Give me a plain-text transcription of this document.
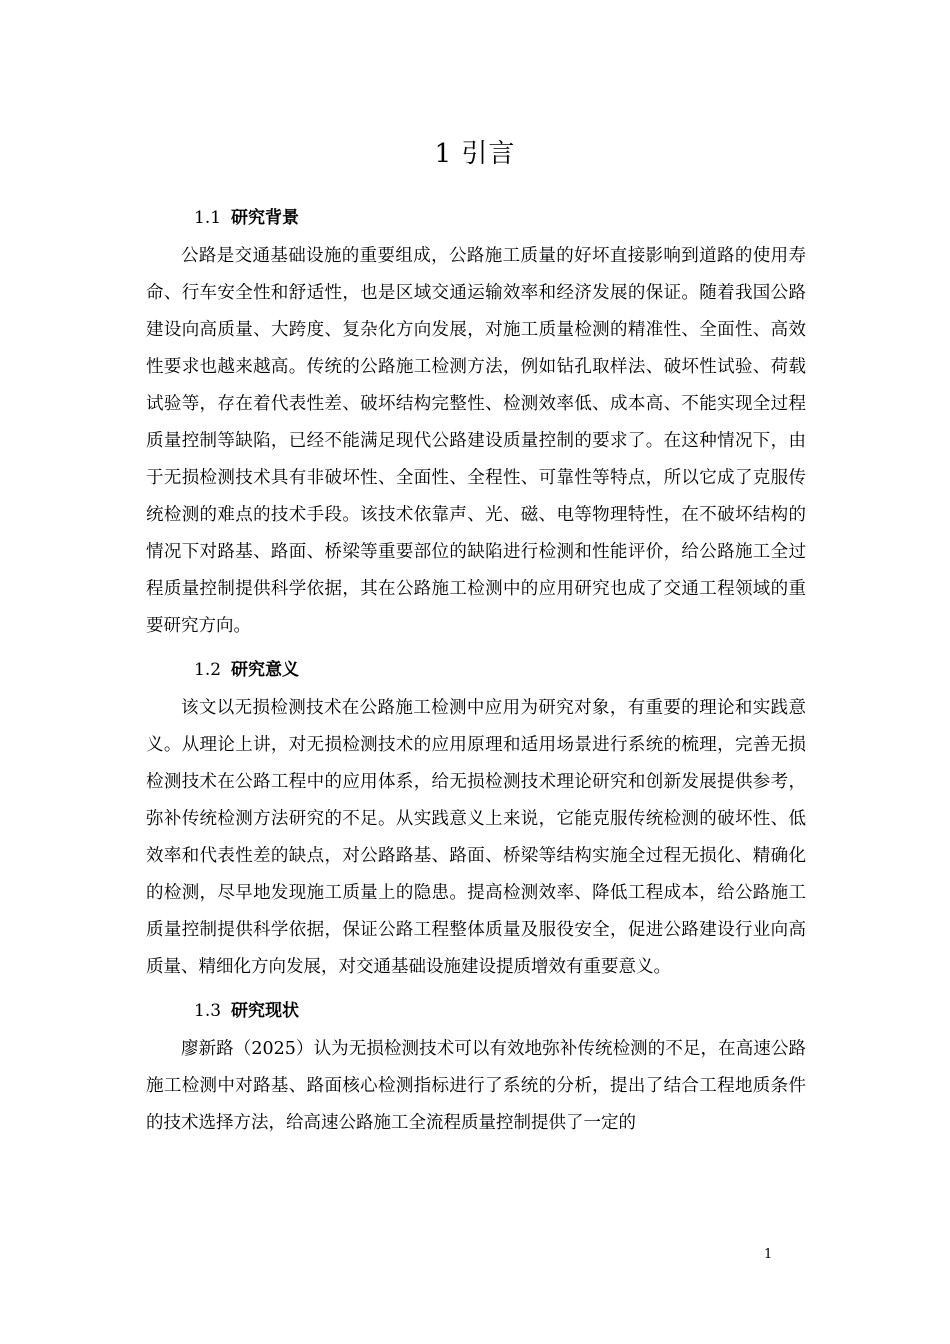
1 引言
1.1 研究背景

公路是交通基础设施的重要组成，公路施工质量的好坏直接影响到道路的使用寿命、行车安全性和舒适性，也是区域交通运输效率和经济发展的保证。随着我国公路建设向高质量、大跨度、复杂化方向发展，对施工质量检测的精准性、全面性、高效性要求也越来越高。传统的公路施工检测方法，例如钻孔取样法、破坏性试验、荷载试验等，存在着代表性差、破坏结构完整性、检测效率低、成本高、不能实现全过程质量控制等缺陷，已经不能满足现代公路建设质量控制的要求了。在这种情况下，由于无损检测技术具有非破坏性、全面性、全程性、可靠性等特点，所以它成了克服传统检测的难点的技术手段。该技术依靠声、光、磁、电等物理特性，在不破坏结构的情况下对路基、路面、桥梁等重要部位的缺陷进行检测和性能评价，给公路施工全过程质量控制提供科学依据，其在公路施工检测中的应用研究也成了交通工程领域的重要研究方向。

1.2 研究意义

该文以无损检测技术在公路施工检测中应用为研究对象，有重要的理论和实践意义。从理论上讲，对无损检测技术的应用原理和适用场景进行系统的梳理，完善无损检测技术在公路工程中的应用体系，给无损检测技术理论研究和创新发展提供参考，弥补传统检测方法研究的不足。从实践意义上来说，它能克服传统检测的破坏性、低效率和代表性差的缺点，对公路路基、路面、桥梁等结构实施全过程无损化、精确化的检测，尽早地发现施工质量上的隐患。提高检测效率、降低工程成本，给公路施工质量控制提供科学依据，保证公路工程整体质量及服役安全，促进公路建设行业向高质量、精细化方向发展，对交通基础设施建设提质增效有重要意义。

1.3 研究现状

廖新路（2025）认为无损检测技术可以有效地弥补传统检测的不足，在高速公路施工检测中对路基、路面核心检测指标进行了系统的分析，提出了结合工程地质条件的技术选择方法，给高速公路施工全流程质量控制提供了一定的

1
